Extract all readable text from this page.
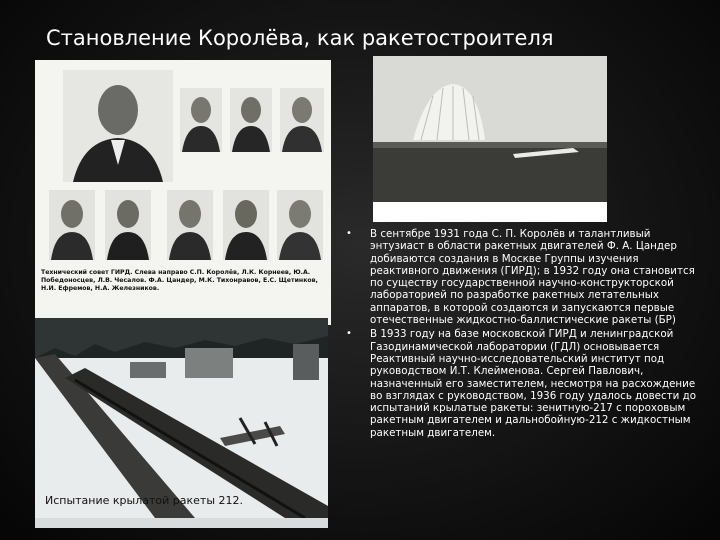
Становление Королёва, как ракетостроителя
Технический совет ГИРД. Слева направо С.П. Королёв, Л.К. Корнеев, Ю.А. Победоносцев, Л.В. Чесалов. Ф.А. Цандер, М.К. Тихонравов, Е.С. Щетинков, Н.И. Ефремов, Н.А. Железников.
Испытание крылатой ракеты 212.
• В сентябре 1931 года С. П. Королёв и талантливый энтузиаст в области ракетных двигателей Ф. А. Цандер добиваются создания в Москве Группы изучения реактивного движения (ГИРД); в 1932 году она становится по существу государственной научно-конструкторской лабораторией по разработке ракетных летательных аппаратов, в которой создаются и запускаются первые отечественные жидкостно-баллистические ракеты (БР)
• В 1933 году на базе московской ГИРД и ленинградской Газодинамической лаборатории (ГДЛ) основывается Реактивный научно-исследовательский институт под руководством И.Т. Клейменова. Сергей Павлович, назначенный его заместителем, несмотря на расхождение во взглядах с руководством, 1936 году удалось довести до испытаний крылатые ракеты: зенитную-217 с пороховым ракетным двигателем и дальнобойную-212 с жидкостным ракетным двигателем.
